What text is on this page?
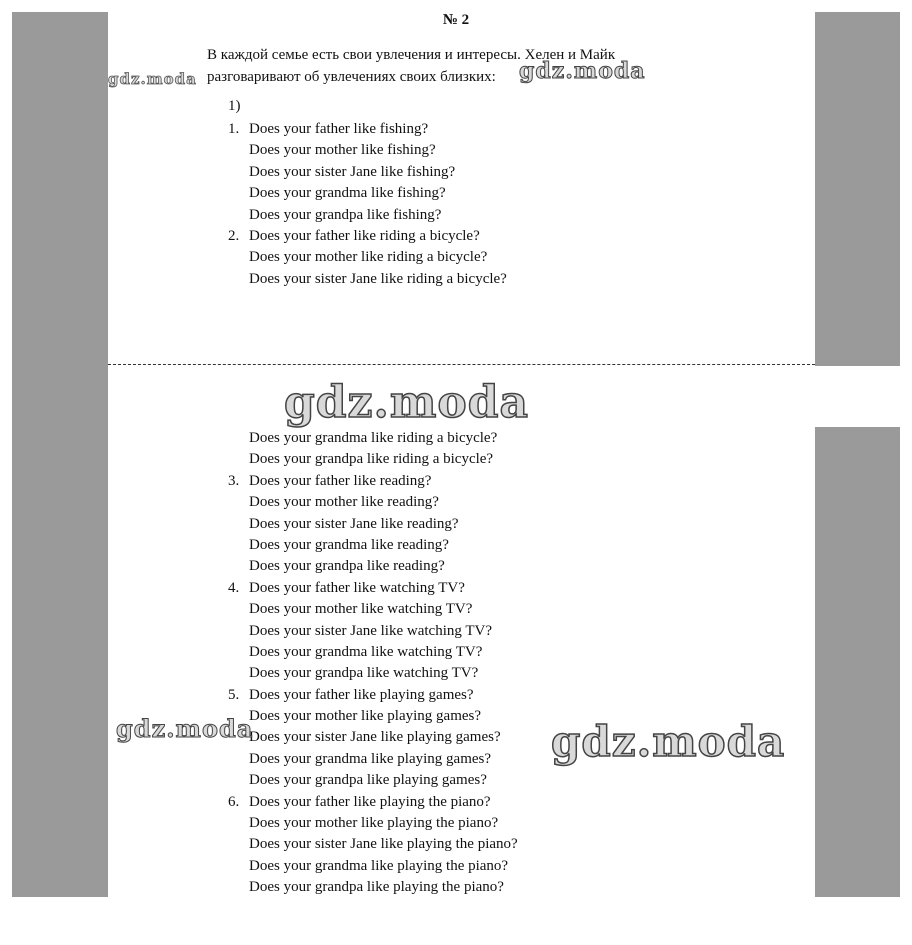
№ 2
В каждой семье есть свои увлечения и интересы. Хелен и Майк
разговаривают об увлечениях своих близких:
1)
1. Does your father like fishing?
Does your mother like fishing?
Does your sister Jane like fishing?
Does your grandma like fishing?
Does your grandpa like fishing?
2. Does your father like riding a bicycle?
Does your mother like riding a bicycle?
Does your sister Jane like riding a bicycle?
Does your grandma like riding a bicycle?
Does your grandpa like riding a bicycle?
3. Does your father like reading?
Does your mother like reading?
Does your sister Jane like reading?
Does your grandma like reading?
Does your grandpa like reading?
4. Does your father like watching TV?
Does your mother like watching TV?
Does your sister Jane like watching TV?
Does your grandma like watching TV?
Does your grandpa like watching TV?
5. Does your father like playing games?
Does your mother like playing games?
Does your sister Jane like playing games?
Does your grandma like playing games?
Does your grandpa like playing games?
6. Does your father like playing the piano?
Does your mother like playing the piano?
Does your sister Jane like playing the piano?
Does your grandma like playing the piano?
Does your grandpa like playing the piano?
gdz.moda	gdz.moda
gdz.moda
gdz.moda	gdz.moda
